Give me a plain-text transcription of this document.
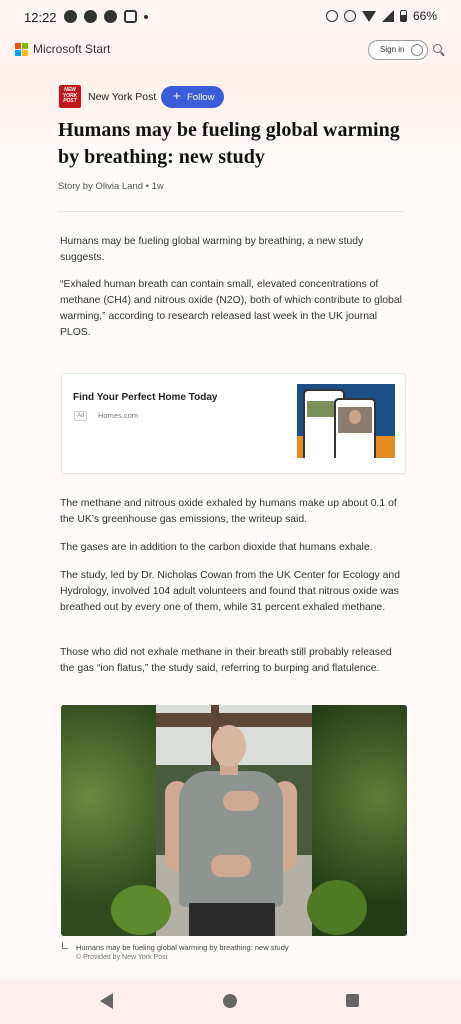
12:22	66%
Microsoft Start	Sign in
NEW YORK POST	New York Post + Follow
Humans may be fueling global warming by breathing: new study
Story by Olivia Land • 1w

Humans may be fueling global warming by breathing, a new study suggests.

“Exhaled human breath can contain small, elevated concentrations of methane (CH4) and nitrous oxide (N2O), both of which contribute to global warming,” according to research released last week in the UK journal PLOS.

Find Your Perfect Home Today
Ad	Homes.com

The methane and nitrous oxide exhaled by humans make up about 0.1 of the UK’s greenhouse gas emissions, the writeup said.

The gases are in addition to the carbon dioxide that humans exhale.

The study, led by Dr. Nicholas Cowan from the UK Center for Ecology and Hydrology, involved 104 adult volunteers and found that nitrous oxide was breathed out by every one of them, while 31 percent exhaled methane.

Those who did not exhale methane in their breath still probably released the gas “ion flatus,” the study said, referring to burping and flatulence.

Humans may be fueling global warming by breathing: new study
© Provided by New York Post
